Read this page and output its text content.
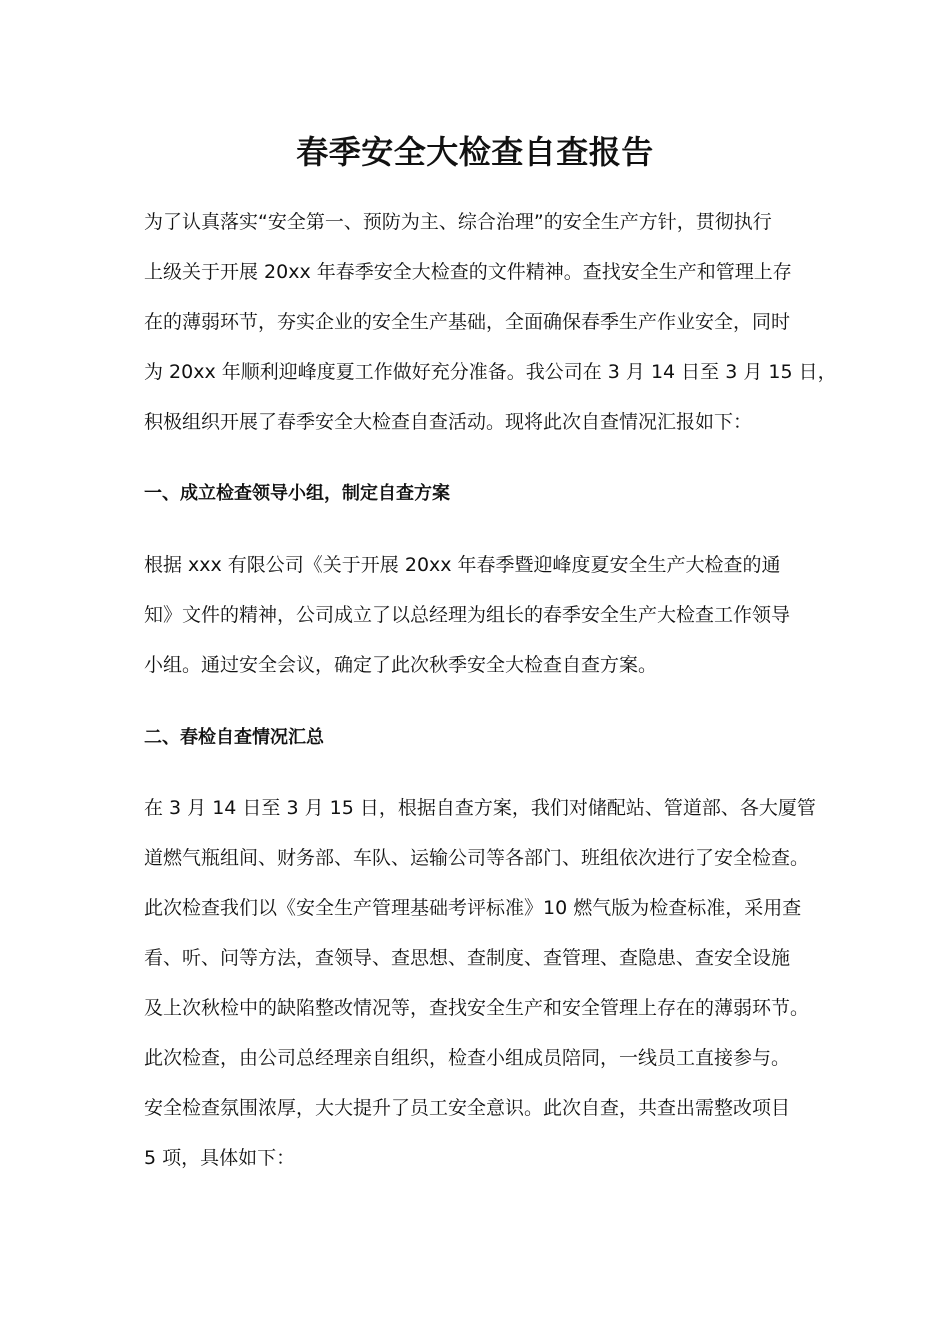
春季安全大检查自查报告
为了认真落实“安全第一、预防为主、综合治理”的安全生产方针，贯彻执行
上级关于开展 20xx 年春季安全大检查的文件精神。查找安全生产和管理上存
在的薄弱环节，夯实企业的安全生产基础，全面确保春季生产作业安全，同时
为 20xx 年顺利迎峰度夏工作做好充分准备。我公司在 3 月 14 日至 3 月 15 日，
积极组织开展了春季安全大检查自查活动。现将此次自查情况汇报如下：
一、成立检查领导小组，制定自查方案
根据 xxx 有限公司《关于开展 20xx 年春季暨迎峰度夏安全生产大检查的通
知》文件的精神，公司成立了以总经理为组长的春季安全生产大检查工作领导
小组。通过安全会议，确定了此次秋季安全大检查自查方案。
二、春检自查情况汇总
在 3 月 14 日至 3 月 15 日，根据自查方案，我们对储配站、管道部、各大厦管
道燃气瓶组间、财务部、车队、运输公司等各部门、班组依次进行了安全检查。
此次检查我们以《安全生产管理基础考评标准》10 燃气版为检查标准，采用查
看、听、问等方法，查领导、查思想、查制度、查管理、查隐患、查安全设施
及上次秋检中的缺陷整改情况等，查找安全生产和安全管理上存在的薄弱环节。
此次检查，由公司总经理亲自组织，检查小组成员陪同，一线员工直接参与。
安全检查氛围浓厚，大大提升了员工安全意识。此次自查，共查出需整改项目
5 项，具体如下：
